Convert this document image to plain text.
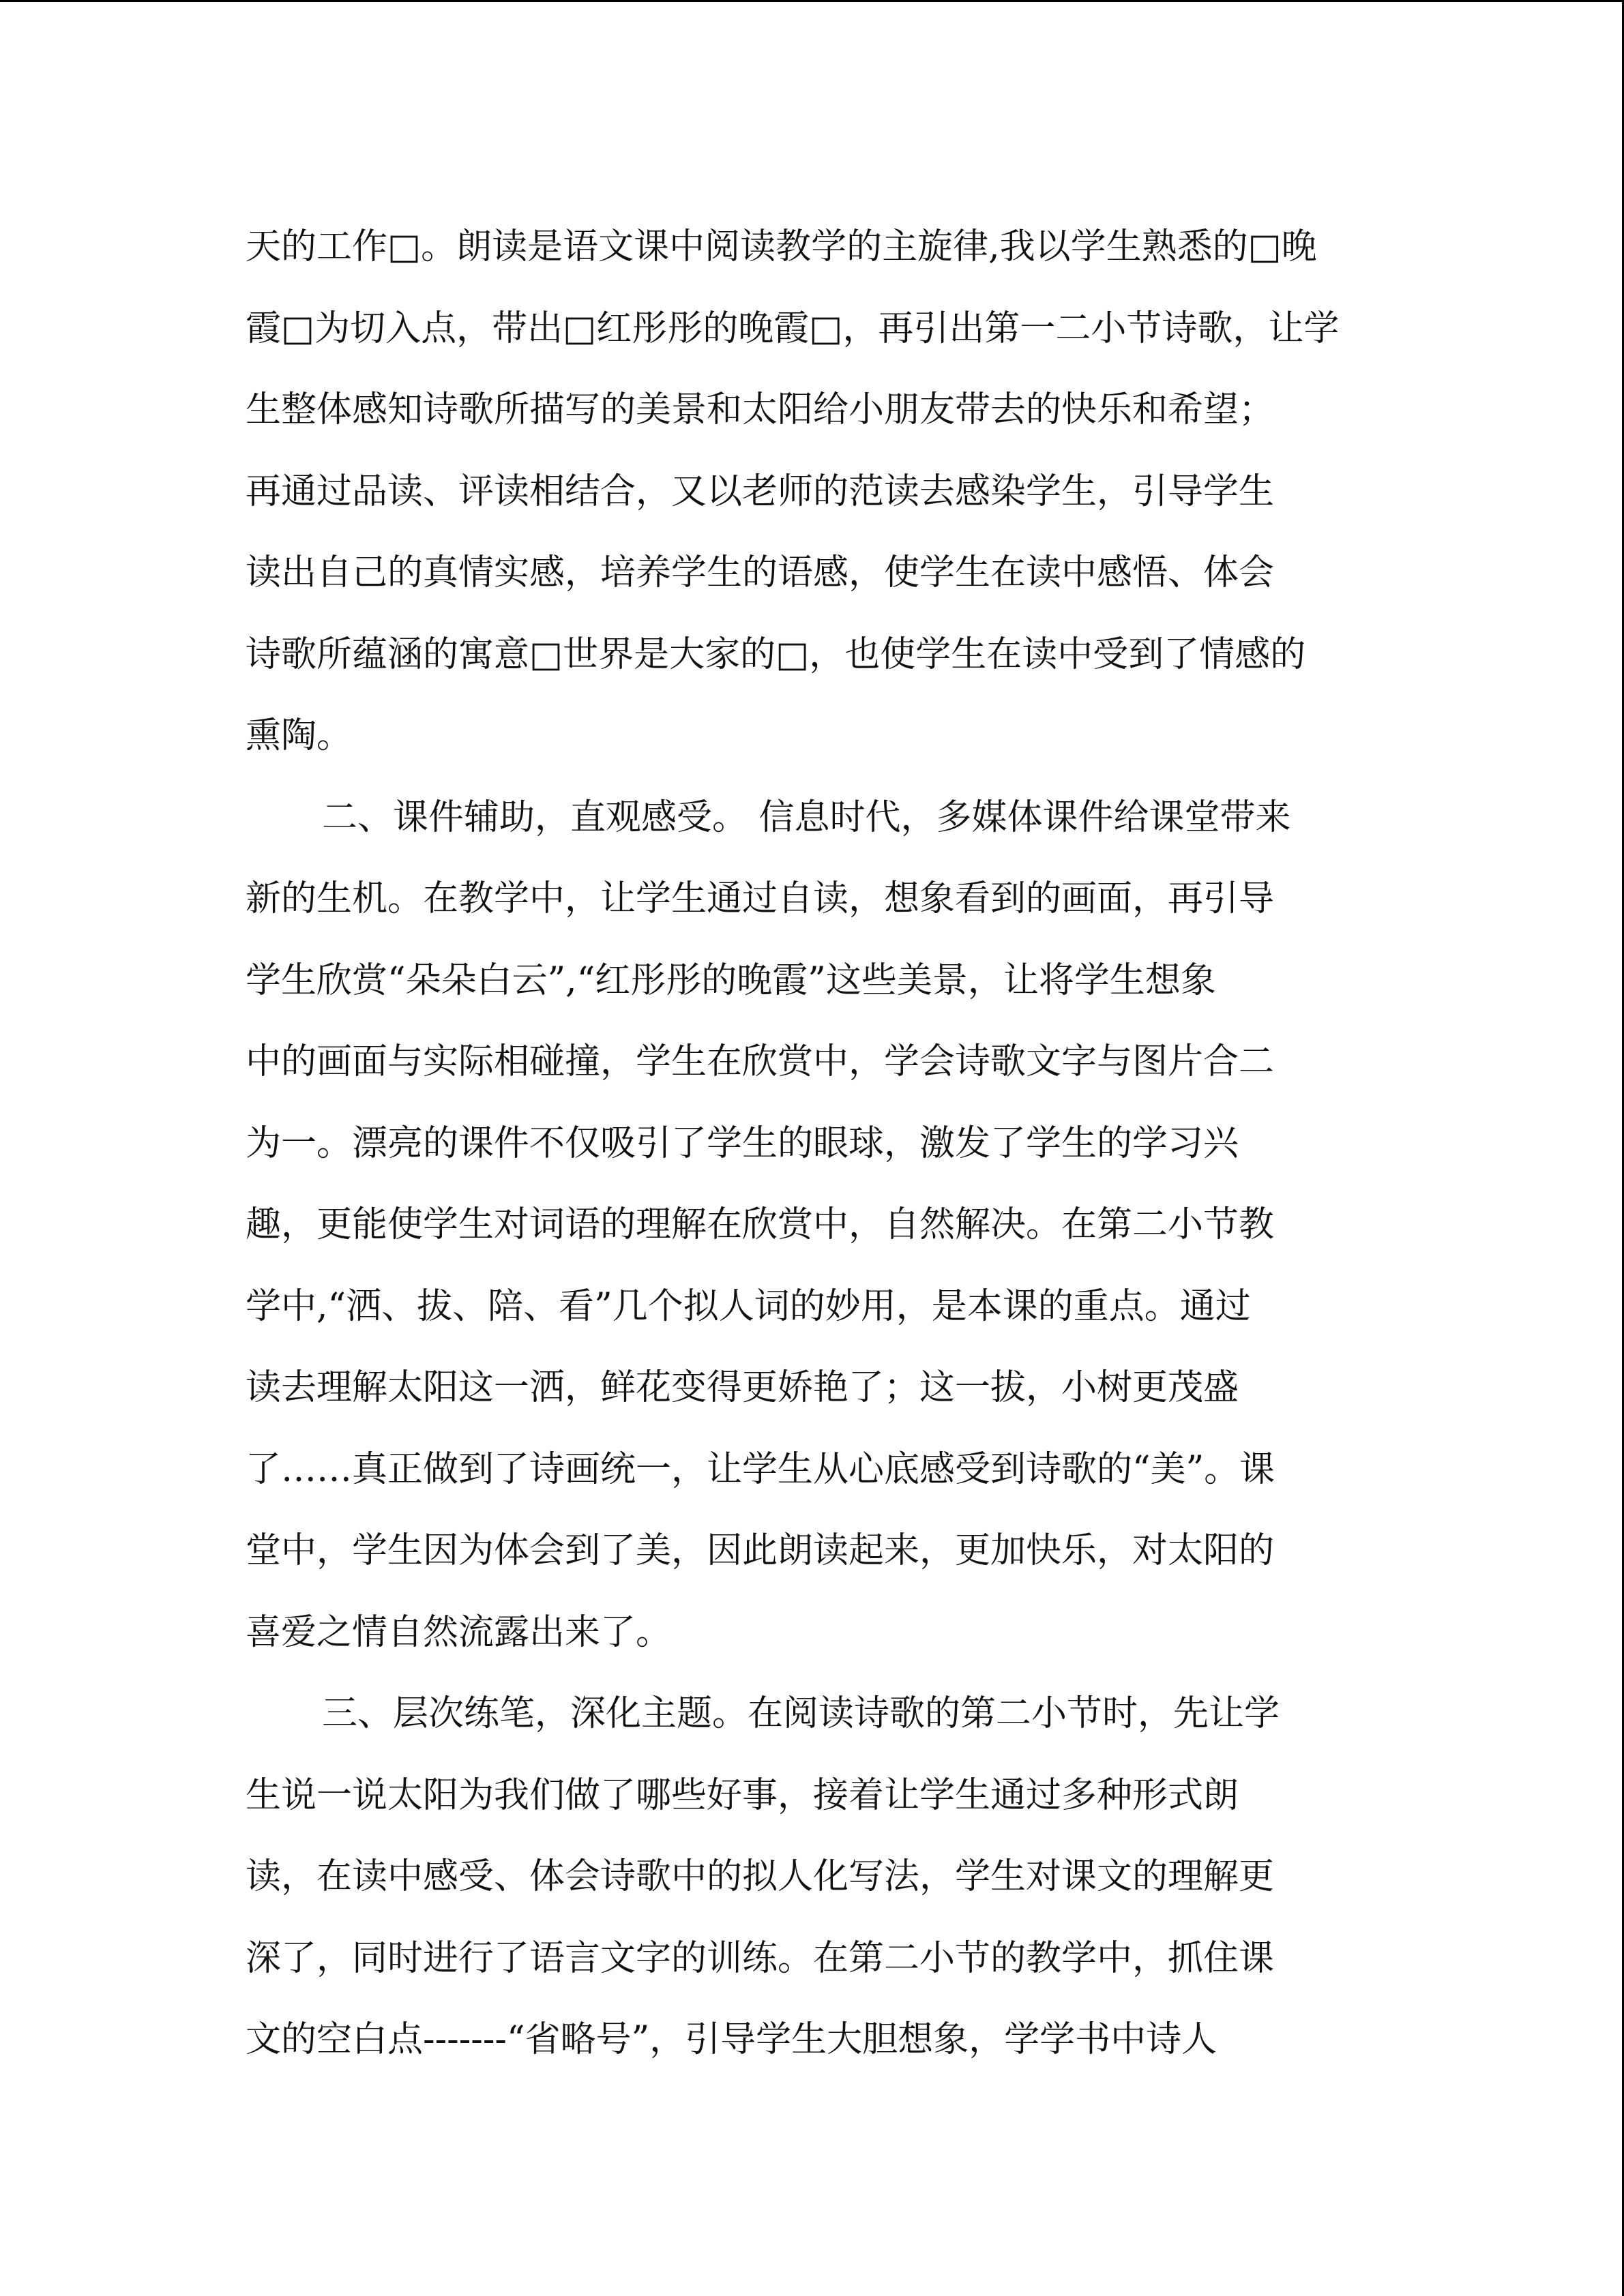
天的工作□。朗读是语文课中阅读教学的主旋律,我以学生熟悉的□晚
霞□为切入点，带出□红彤彤的晚霞□，再引出第一二小节诗歌，让学
生整体感知诗歌所描写的美景和太阳给小朋友带去的快乐和希望；
再通过品读、评读相结合，又以老师的范读去感染学生，引导学生
读出自己的真情实感，培养学生的语感，使学生在读中感悟、体会
诗歌所蕴涵的寓意□世界是大家的□，也使学生在读中受到了情感的
熏陶。
二、课件辅助，直观感受。 信息时代，多媒体课件给课堂带来
新的生机。在教学中，让学生通过自读，想象看到的画面，再引导
学生欣赏“朵朵白云”,“红彤彤的晚霞”这些美景，让将学生想象
中的画面与实际相碰撞，学生在欣赏中，学会诗歌文字与图片合二
为一。漂亮的课件不仅吸引了学生的眼球，激发了学生的学习兴
趣，更能使学生对词语的理解在欣赏中，自然解决。在第二小节教
学中,“洒、拔、陪、看”几个拟人词的妙用，是本课的重点。通过
读去理解太阳这一洒，鲜花变得更娇艳了；这一拔，小树更茂盛
了……真正做到了诗画统一，让学生从心底感受到诗歌的“美”。课
堂中，学生因为体会到了美，因此朗读起来，更加快乐，对太阳的
喜爱之情自然流露出来了。
三、层次练笔，深化主题。在阅读诗歌的第二小节时，先让学
生说一说太阳为我们做了哪些好事，接着让学生通过多种形式朗
读，在读中感受、体会诗歌中的拟人化写法，学生对课文的理解更
深了，同时进行了语言文字的训练。在第二小节的教学中，抓住课
文的空白点-------“省略号”，引导学生大胆想象，学学书中诗人
